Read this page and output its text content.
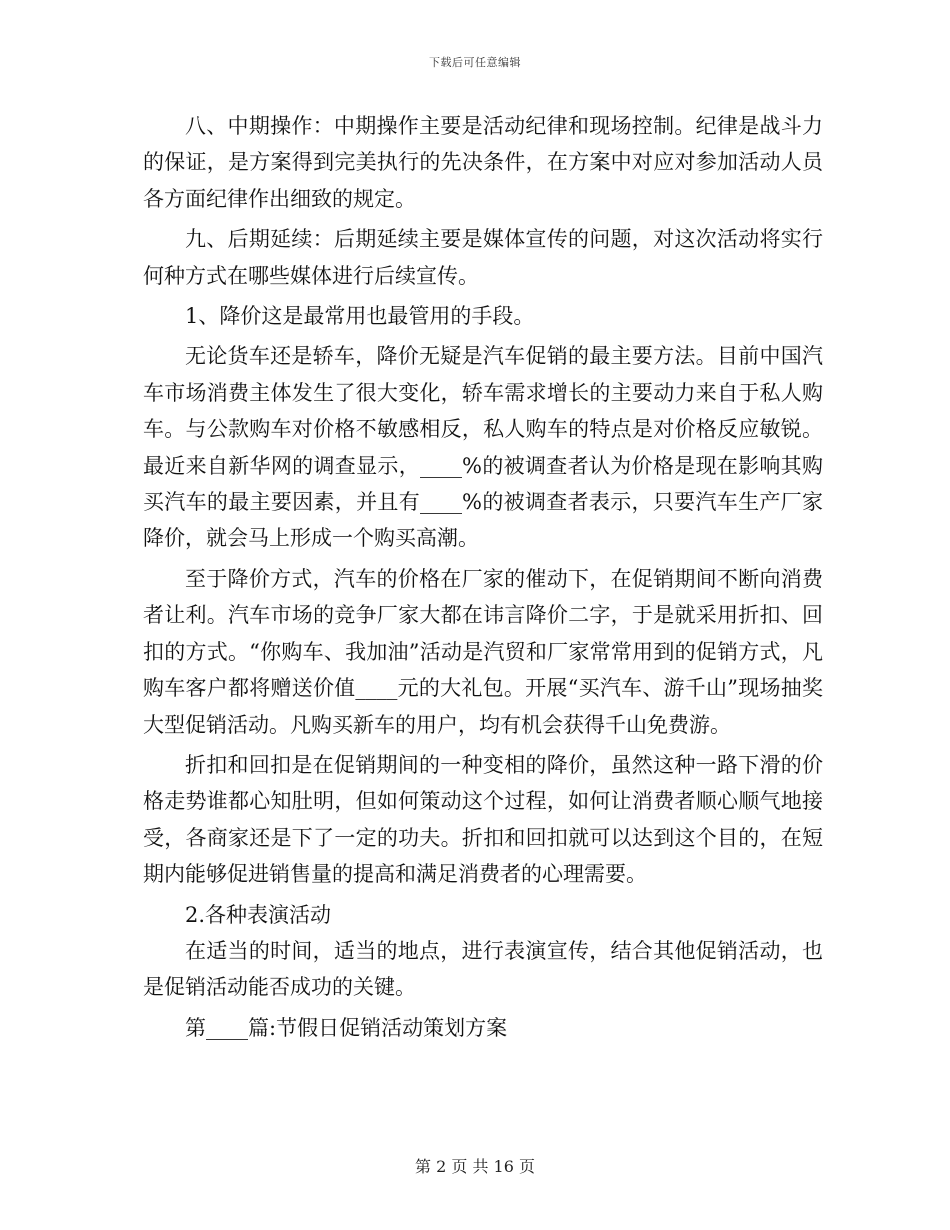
下载后可任意编辑

八、中期操作：中期操作主要是活动纪律和现场控制。纪律是战斗力的保证，是方案得到完美执行的先决条件，在方案中对应对参加活动人员各方面纪律作出细致的规定。

九、后期延续：后期延续主要是媒体宣传的问题，对这次活动将实行何种方式在哪些媒体进行后续宣传。

1、降价这是最常用也最管用的手段。

无论货车还是轿车，降价无疑是汽车促销的最主要方法。目前中国汽车市场消费主体发生了很大变化，轿车需求增长的主要动力来自于私人购车。与公款购车对价格不敏感相反，私人购车的特点是对价格反应敏锐。最近来自新华网的调查显示，____%的被调查者认为价格是现在影响其购买汽车的最主要因素，并且有____%的被调查者表示，只要汽车生产厂家降价，就会马上形成一个购买高潮。

至于降价方式，汽车的价格在厂家的催动下，在促销期间不断向消费者让利。汽车市场的竞争厂家大都在讳言降价二字，于是就采用折扣、回扣的方式。“你购车、我加油”活动是汽贸和厂家常常用到的促销方式，凡购车客户都将赠送价值____元的大礼包。开展“买汽车、游千山”现场抽奖大型促销活动。凡购买新车的用户，均有机会获得千山免费游。

折扣和回扣是在促销期间的一种变相的降价，虽然这种一路下滑的价格走势谁都心知肚明，但如何策动这个过程，如何让消费者顺心顺气地接受，各商家还是下了一定的功夫。折扣和回扣就可以达到这个目的，在短期内能够促进销售量的提高和满足消费者的心理需要。

2.各种表演活动

在适当的时间，适当的地点，进行表演宣传，结合其他促销活动，也是促销活动能否成功的关键。

第____篇:节假日促销活动策划方案

第 2 页 共 16 页
